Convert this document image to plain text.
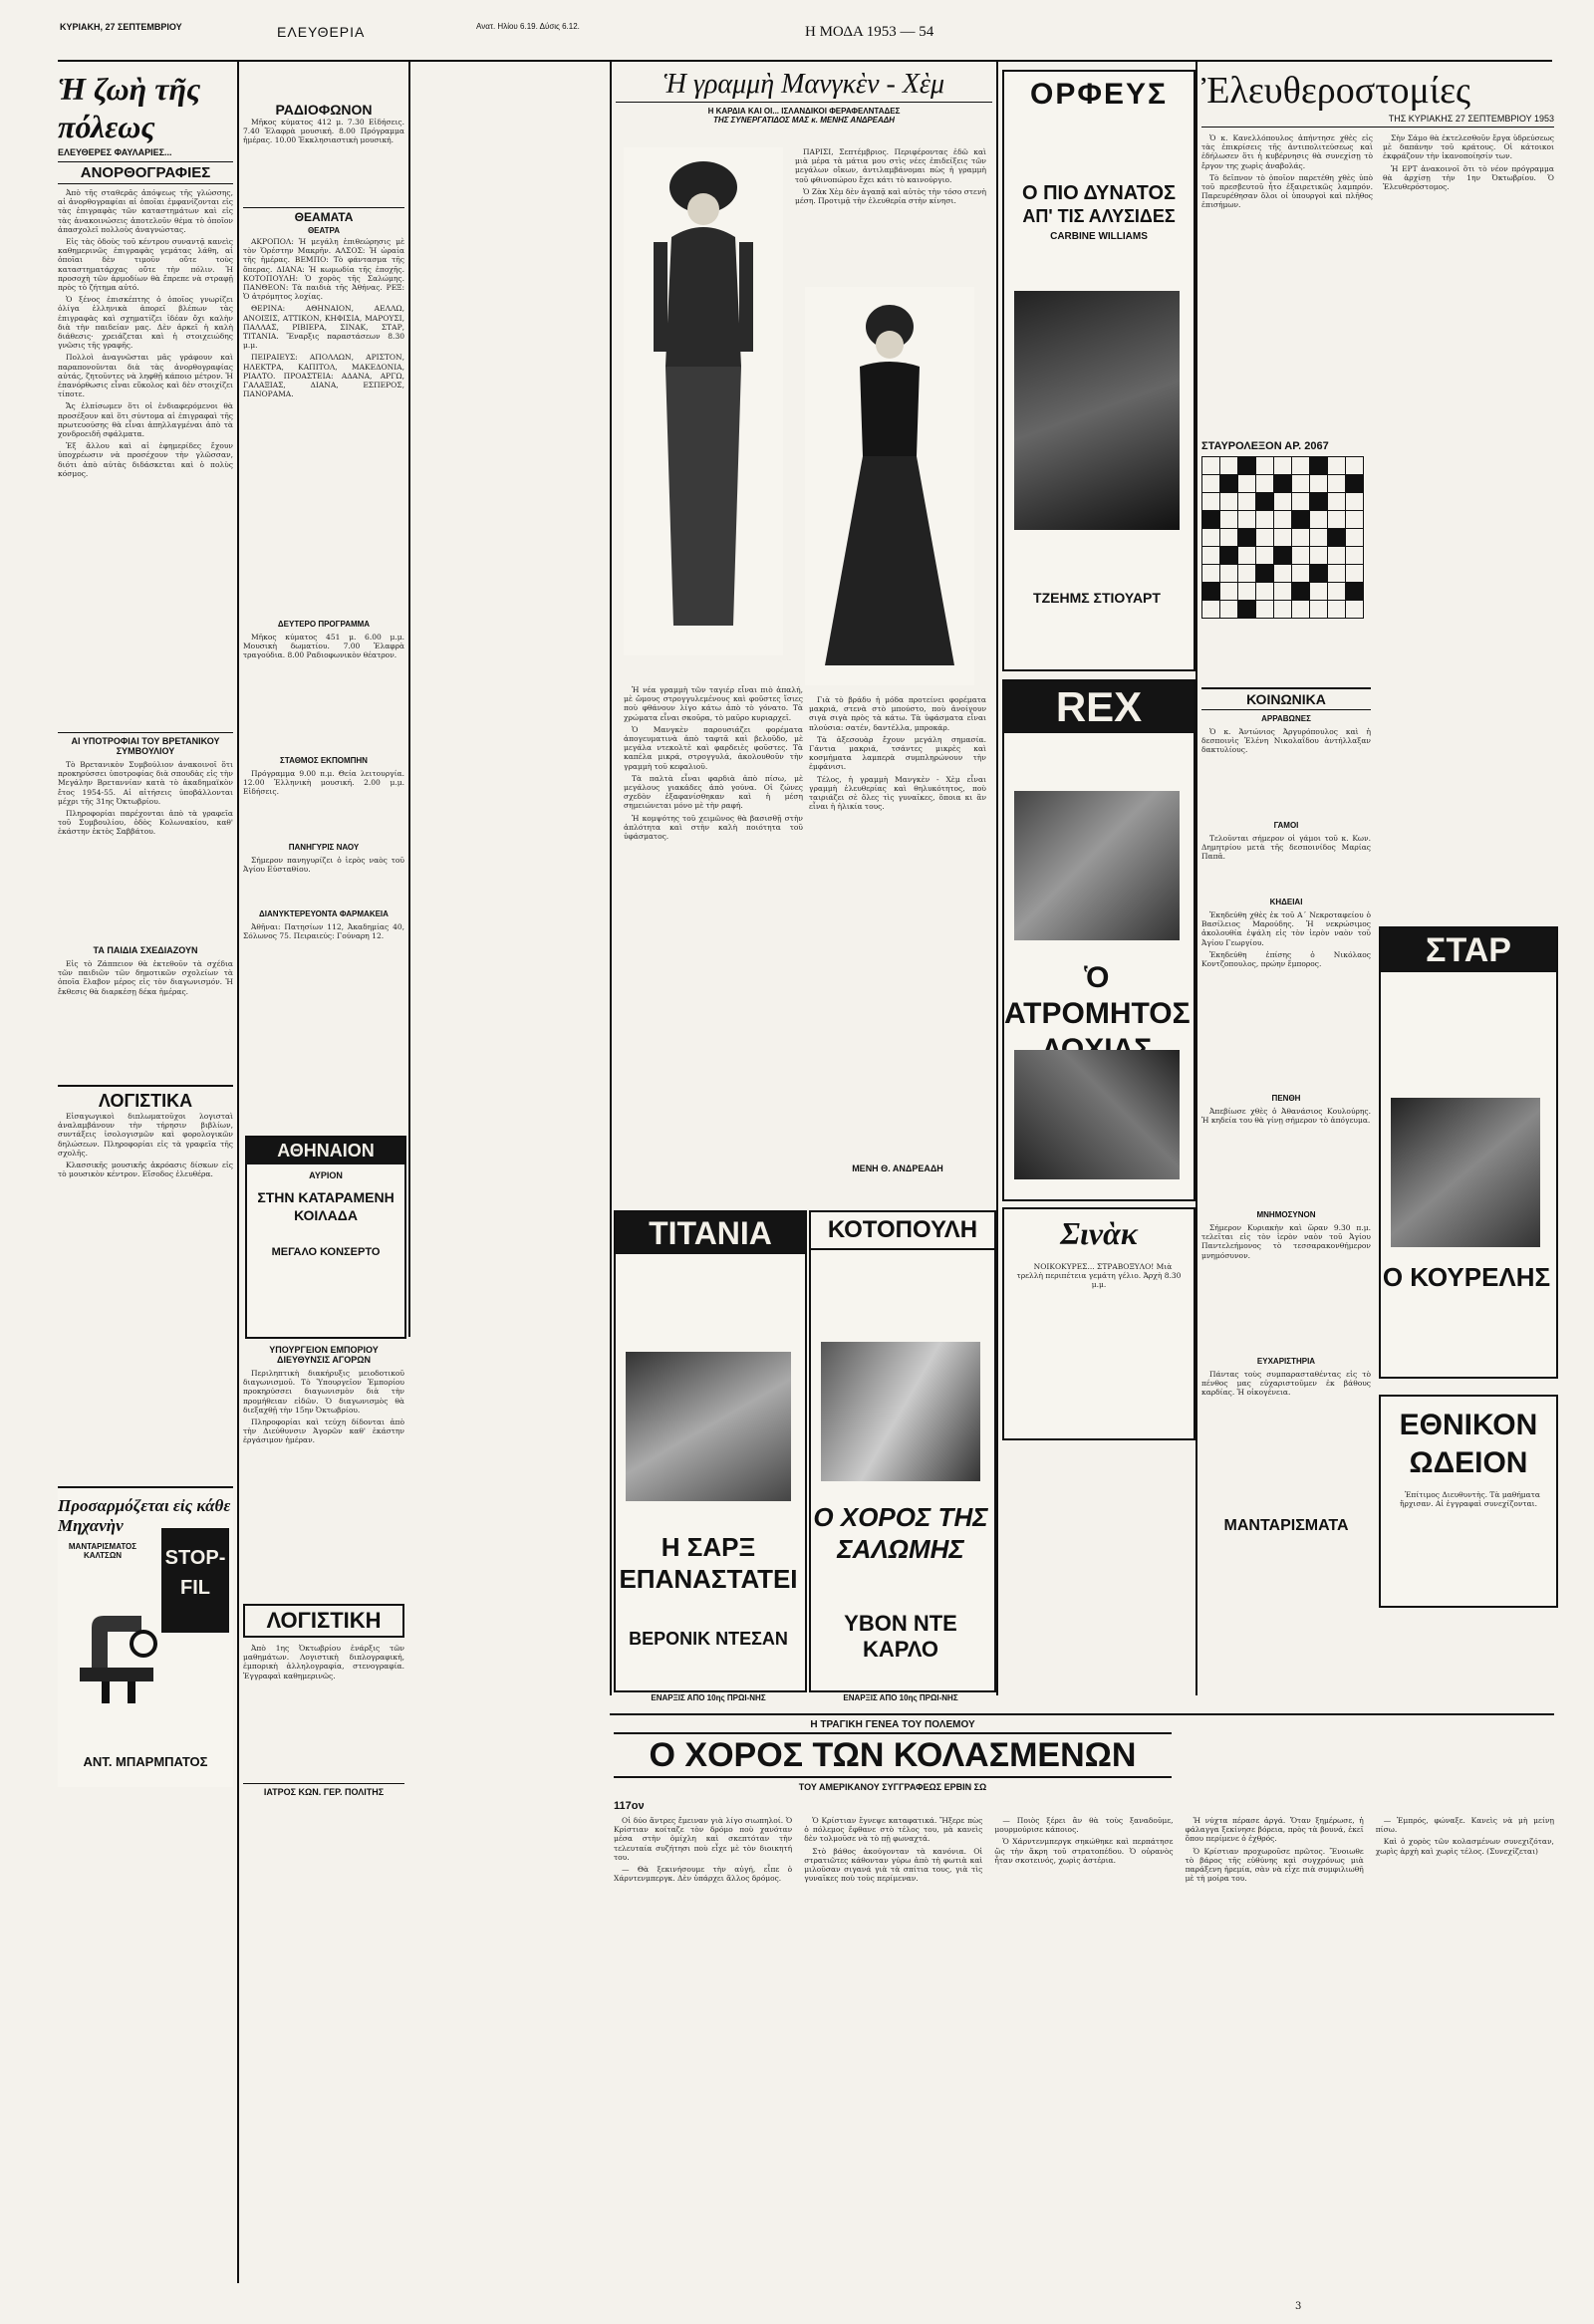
ΚΥΡΙΑΚΗ, 27 ΣΕΠΤΕΜΒΡΙΟΥ	ΕΛΕΥΘΕΡΙΑ	Ανατ. Ηλίου 6.19. Δύσις 6.12.	Η ΜΟΔΑ 1953 — 54
Ἡ ζωὴ τῆς πόλεως
ΕΛΕΥΘΕΡΕΣ ΦΑΥΛΑΡΙΕΣ...
ΑΝΟΡΘΟΓΡΑΦΙΕΣ

Ἀπὸ τῆς σταθερᾶς ἀπόψεως τῆς γλώσσης, αἱ ἀνορθογραφίαι αἱ ὁποῖαι ἐμφανίζονται εἰς τὰς ἐπιγραφὰς τῶν καταστημάτων καὶ εἰς τὰς ἀνακοινώσεις ἀποτελοῦν θέμα τὸ ὁποῖον ἀπασχολεῖ πολλοὺς ἀναγνώστας.

Εἰς τὰς ὁδοὺς τοῦ κέντρου συναντᾷ κανεὶς καθημερινῶς ἐπιγραφὰς γεμάτας λάθη, αἱ ὁποῖαι δὲν τιμοῦν οὔτε τοὺς καταστηματάρχας οὔτε τὴν πόλιν. Ἡ προσοχὴ τῶν ἁρμοδίων θὰ ἔπρεπε νὰ στραφῇ πρὸς τὸ ζήτημα αὐτό.

Ὁ ξένος ἐπισκέπτης ὁ ὁποῖος γνωρίζει ὀλίγα ἑλληνικὰ ἀπορεῖ βλέπων τὰς ἐπιγραφὰς καὶ σχηματίζει ἰδέαν ὄχι καλὴν διὰ τὴν παιδείαν μας. Δὲν ἀρκεῖ ἡ καλὴ διάθεσις· χρειάζεται καὶ ἡ στοιχειώδης γνῶσις τῆς γραφῆς.

Πολλοὶ ἀναγνῶσται μᾶς γράφουν καὶ παραπονοῦνται διὰ τὰς ἀνορθογραφίας αὐτάς, ζητοῦντες νὰ ληφθῇ κάποιο μέτρον. Ἡ ἐπανόρθωσις εἶναι εὔκολος καὶ δὲν στοιχίζει τίποτε.

Ἄς ἐλπίσωμεν ὅτι οἱ ἐνδιαφερόμενοι θὰ προσέξουν καὶ ὅτι σύντομα αἱ ἐπιγραφαὶ τῆς πρωτευούσης θὰ εἶναι ἀπηλλαγμέναι ἀπὸ τὰ χονδροειδῆ σφάλματα.

Ἐξ ἄλλου καὶ αἱ ἐφημερίδες ἔχουν ὑποχρέωσιν νὰ προσέχουν τὴν γλῶσσαν, διότι ἀπὸ αὐτὰς διδάσκεται καὶ ὁ πολὺς κόσμος.

ΑΙ ΥΠΟΤΡΟΦΙΑΙ ΤΟΥ ΒΡΕΤΑΝΙΚΟΥ ΣΥΜΒΟΥΛΙΟΥ

Τὸ Βρετανικὸν Συμβούλιον ἀνακοινοῖ ὅτι προκηρύσσει ὑποτροφίας διὰ σπουδὰς εἰς τὴν Μεγάλην Βρεταννίαν κατὰ τὸ ἀκαδημαϊκὸν ἔτος 1954-55. Αἱ αἰτήσεις ὑποβάλλονται μέχρι τῆς 31ης Ὀκτωβρίου.

Πληροφορίαι παρέχονται ἀπὸ τὰ γραφεῖα τοῦ Συμβουλίου, ὁδὸς Κολωνακίου, καθ' ἑκάστην ἐκτὸς Σαββάτου.

ΤΑ ΠΑΙΔΙΑ ΣΧΕΔΙΑΖΟΥΝ

Εἰς τὸ Ζάππειον θὰ ἐκτεθοῦν τὰ σχέδια τῶν παιδιῶν τῶν δημοτικῶν σχολείων τὰ ὁποῖα ἔλαβον μέρος εἰς τὸν διαγωνισμόν. Ἡ ἔκθεσις θὰ διαρκέσῃ δέκα ἡμέρας.

ΛΟΓΙΣΤΙΚΑ

Εἰσαγωγικοὶ διπλωματοῦχοι λογισταὶ ἀναλαμβάνουν τὴν τήρησιν βιβλίων, συντάξεις ἰσολογισμῶν καὶ φορολογικῶν δηλώσεων. Πληροφορίαι εἰς τὰ γραφεῖα τῆς σχολῆς.

Κλασσικῆς μουσικῆς ἀκρόασις δίσκων εἰς τὸ μουσικὸν κέντρον. Εἴσοδος ἐλευθέρα.

Προσαρμόζεται εἰς κάθε Μηχανὴν
ΜΑΝΤΑΡΙΣΜΑΤΟΣ ΚΑΛΤΣΩΝ	STOP-FIL
ΑΝΤ. ΜΠΑΡΜΠΑΤΟΣ
ΡΑΔΙΟΦΩΝΟΝ

Μῆκος κύματος 412 μ. 7.30 Εἰδήσεις. 7.40 Ἐλαφρὰ μουσική. 8.00 Πρόγραμμα ἡμέρας. 10.00 Ἐκκλησιαστικὴ μουσική.

ΘΕΑΜΑΤΑ
ΘΕΑΤΡΑ

ΑΚΡΟΠΟΛ: Ἡ μεγάλη ἐπιθεώρησις μὲ τὸν Ὁρέστην Μακρῆν. ΑΛΣΟΣ: Ἡ ὡραία τῆς ἡμέρας. ΒΕΜΠΟ: Τὸ φάντασμα τῆς ὄπερας. ΔΙΑΝΑ: Ἡ κωμωδία τῆς ἐποχῆς. ΚΟΤΟΠΟΥΛΗ: Ὁ χορὸς τῆς Σαλώμης. ΠΑΝΘΕΟΝ: Τὰ παιδιὰ τῆς Ἀθήνας. ΡΕΞ: Ὁ ἀτρόμητος λοχίας.

ΘΕΡΙΝΑ: ΑΘΗΝΑΙΟΝ, ΑΕΛΛΩ, ΑΝΟΙΞΙΣ, ΑΤΤΙΚΟΝ, ΚΗΦΙΣΙΑ, ΜΑΡΟΥΣΙ, ΠΑΛΛΑΣ, ΡΙΒΙΕΡΑ, ΣΙΝΑΚ, ΣΤΑΡ, ΤΙΤΑΝΙΑ. Ἔναρξις παραστάσεων 8.30 μ.μ.

ΠΕΙΡΑΙΕΥΣ: ΑΠΟΛΛΩΝ, ΑΡΙΣΤΟΝ, ΗΛΕΚΤΡΑ, ΚΑΠΙΤΟΛ, ΜΑΚΕΔΟΝΙΑ, ΡΙΑΛΤΟ. ΠΡΟΑΣΤΕΙΑ: ΑΔΑΝΑ, ΑΡΓΩ, ΓΑΛΑΞΙΑΣ, ΔΙΑΝΑ, ΕΣΠΕΡΟΣ, ΠΑΝΟΡΑΜΑ.

ΔΕΥΤΕΡΟ ΠΡΟΓΡΑΜΜΑ

Μῆκος κύματος 451 μ. 6.00 μ.μ. Μουσικὴ δωματίου. 7.00 Ἐλαφρὰ τραγούδια. 8.00 Ραδιοφωνικὸν θέατρον.

ΣΤΑΘΜΟΣ ΕΚΠΟΜΠΗΝ

Πρόγραμμα 9.00 π.μ. Θεία λειτουργία. 12.00 Ἐλληνικὴ μουσική. 2.00 μ.μ. Εἰδήσεις.

ΠΑΝΗΓΥΡΙΣ ΝΑΟΥ

Σήμερον πανηγυρίζει ὁ ἱερὸς ναὸς τοῦ Ἁγίου Εὐσταθίου.

ΔΙΑΝΥΚΤΕΡΕΥΟΝΤΑ ΦΑΡΜΑΚΕΙΑ

Ἀθῆναι: Πατησίων 112, Ἀκαδημίας 40, Σόλωνος 75. Πειραιεύς: Γούναρη 12.

ΑΘΗΝΑΙΟΝ
ΑΥΡΙΟΝ
ΣΤΗΝ ΚΑΤΑΡΑΜΕΝΗ ΚΟΙΛΑΔΑ
ΜΕΓΑΛΟ ΚΟΝΣΕΡΤΟ
ΥΠΟΥΡΓΕΙΟΝ ΕΜΠΟΡΙΟΥ ΔΙΕΥΘΥΝΣΙΣ ΑΓΟΡΩΝ

Περιληπτικὴ διακήρυξις μειοδοτικοῦ διαγωνισμοῦ. Τὸ Ὑπουργεῖον Ἐμπορίου προκηρύσσει διαγωνισμὸν διὰ τὴν προμήθειαν εἰδῶν. Ὁ διαγωνισμὸς θὰ διεξαχθῇ τὴν 15ην Ὀκτωβρίου.

Πληροφορίαι καὶ τεύχη δίδονται ἀπὸ τὴν Διεύθυνσιν Ἀγορῶν καθ' ἑκάστην ἐργάσιμον ἡμέραν.

ΛΟΓΙΣΤΙΚΗ

Ἀπὸ 1ης Ὀκτωβρίου ἐνάρξις τῶν μαθημάτων. Λογιστικὴ διπλογραφική, ἐμπορικὴ ἀλληλογραφία, στενογραφία. Ἐγγραφαὶ καθημερινῶς.

ΙΑΤΡΟΣ ΚΩΝ. ΓΕΡ. ΠΟΛΙΤΗΣ
Ἡ γραμμὴ Μανγκὲν - Χὲμ
Η ΚΑΡΔΙΑ ΚΑΙ ΟΙ... ΙΣΛΑΝΔΙΚΟΙ ΦΕΡΑΦΕΛΝΤΑΔΕΣ
ΤΗΣ ΣΥΝΕΡΓΑΤΙΔΟΣ ΜΑΣ κ. ΜΕΝΗΣ ΑΝΔΡΕΑΔΗ

ΠΑΡΙΣΙ, Σεπτέμβριος. Περιφέροντας ἐδῶ καὶ μιὰ μέρα τὰ μάτια μου στὶς νέες ἐπιδείξεις τῶν μεγάλων οἴκων, ἀντιλαμβάνομαι πὼς ἡ γραμμὴ τοῦ φθινοπώρου ἔχει κάτι τὸ καινούργιο.

Ὁ Ζὰκ Χὲμ δὲν ἀγαπᾷ καὶ αὐτὸς τὴν τόσο στενὴ μέση. Προτιμᾷ τὴν ἐλευθερία στὴν κίνησι.

Ἡ νέα γραμμὴ τῶν ταγιέρ εἶναι πιὸ ἁπαλή, μὲ ὤμους στρογγυλεμένους καὶ φοῦστες ἴσιες ποὺ φθάνουν λίγο κάτω ἀπὸ τὸ γόνατο. Τὰ χρώματα εἶναι σκοῦρα, τὸ μαῦρο κυριαρχεῖ.

Ὁ Μανγκὲν παρουσιάζει φορέματα ἀπογευματινὰ ἀπὸ ταφτᾶ καὶ βελοῦδο, μὲ μεγάλα ντεκολτὲ καὶ φαρδειὲς φοῦστες. Τὰ καπέλα μικρά, στρογγυλά, ἀκολουθοῦν τὴν γραμμὴ τοῦ κεφαλιοῦ.

Τὰ παλτὰ εἶναι φαρδιὰ ἀπὸ πίσω, μὲ μεγάλους γιακάδες ἀπὸ γούνα. Οἱ ζώνες σχεδὸν ἐξαφανίσθηκαν καὶ ἡ μέση σημειώνεται μόνο μὲ τὴν ραφή.

Ἡ κομψότης τοῦ χειμῶνος θὰ βασισθῇ στὴν ἁπλότητα καὶ στὴν καλὴ ποιότητα τοῦ ὑφάσματος.

Γιὰ τὸ βράδυ ἡ μόδα προτείνει φορέματα μακριά, στενὰ στὸ μπούστο, ποὺ ἀνοίγουν σιγὰ σιγὰ πρὸς τὰ κάτω. Τὰ ὑφάσματα εἶναι πλούσια: σατέν, δαντέλλα, μπροκάρ.

Τὰ ἀξεσουὰρ ἔχουν μεγάλη σημασία. Γάντια μακριά, τσάντες μικρὲς καὶ κοσμήματα λαμπερὰ συμπληρώνουν τὴν ἐμφάνισι.

Τέλος, ἡ γραμμὴ Μανγκὲν - Χὲμ εἶναι γραμμὴ ἐλευθερίας καὶ θηλυκότητος, ποὺ ταιριάζει σὲ ὅλες τὶς γυναῖκες, ὅποια κι ἂν εἶναι ἡ ἡλικία τους.

ΜΕΝΗ Θ. ΑΝΔΡΕΑΔΗ
ΟΡΦΕΥΣ
Ο ΠΙΟ ΔΥΝΑΤΟΣ
ΑΠ' ΤΙΣ ΑΛΥΣΙΔΕΣ
CARBINE WILLIAMS
ΤΖΕΗΜΣ ΣΤΙΟΥΑΡΤ
REX
Ὁ ΑΤΡΟΜΗΤΟΣ
ΤΙΤΑΝΙΑ
Η ΣΑΡΞ ΕΠΑΝΑΣΤΑΤΕΙ
ΒΕΡΟΝΙΚ ΝΤΕΣΑΝ
ΚΟΤΟΠΟΥΛΗ
Ο ΧΟΡΟΣ ΤΗΣ ΣΑΛΩΜΗΣ
ΥΒΟΝ ΝΤΕ ΚΑΡΛΟ
ΕΝΑΡΞΙΣ ΑΠΟ 10ης ΠΡΩΙ-ΝΗΣ	ΕΝΑΡΞΙΣ ΑΠΟ 10ης ΠΡΩΙ-ΝΗΣ
Σινὰκ

ΝΟΙΚΟΚΥΡΕΣ... ΣΤΡΑΒΟΞΥΛΟ! Μιὰ τρελλὴ περιπέτεια γεμάτη γέλιο. Ἀρχὴ 8.30 μ.μ.

Ἐλευθεροστομίες
ΤΗΣ ΚΥΡΙΑΚΗΣ 27 ΣΕΠΤΕΜΒΡΙΟΥ 1953

Ὁ κ. Κανελλόπουλος ἀπήντησε χθὲς εἰς τὰς ἐπικρίσεις τῆς ἀντιπολιτεύσεως καὶ ἐδήλωσεν ὅτι ἡ κυβέρνησις θὰ συνεχίσῃ τὸ ἔργον της χωρὶς ἀναβολάς.

Τὸ δεῖπνον τὸ ὁποῖον παρετέθη χθὲς ὑπὸ τοῦ πρεσβευτοῦ ἦτο ἐξαιρετικῶς λαμπρόν. Παρευρέθησαν ὅλοι οἱ ὑπουργοὶ καὶ πλῆθος ἐπισήμων.

Σὴν Σάμο θὰ ἐκτελεσθοῦν ἔργα ὑδρεύσεως μὲ δαπάνην τοῦ κράτους. Οἱ κάτοικοι ἐκφράζουν τὴν ἱκανοποίησίν των.

Ἡ ΕΡΤ ἀνακοινοῖ ὅτι τὸ νέον πρόγραμμα θὰ ἀρχίσῃ τὴν 1ην Ὀκτωβρίου. Ὁ Ἐλευθερόστομος.

ΣΤΑΥΡΟΛΕΞΟΝ ΑΡ. 2067

ΚΟΙΝΩΝΙΚΑ
ΑΡΡΑΒΩΝΕΣ

Ὁ κ. Ἀντώνιος Ἀργυρόπουλος καὶ ἡ δεσποινὶς Ἑλένη Νικολαΐδου ἀντήλλαξαν δακτυλίους.

ΓΑΜΟΙ

Τελοῦνται σήμερον οἱ γάμοι τοῦ κ. Κων. Δημητρίου μετὰ τῆς δεσποινίδος Μαρίας Παπᾶ.

ΚΗΔΕΙΑΙ

Ἐκηδεύθη χθὲς ἐκ τοῦ Α΄ Νεκροταφείου ὁ Βασίλειος Μαρούδης. Ἡ νεκρώσιμος ἀκολουθία ἐψάλη εἰς τὸν ἱερὸν ναὸν τοῦ Ἁγίου Γεωργίου.

Ἐκηδεύθη ἐπίσης ὁ Νικόλαος Κοντζοπουλος, πρώην ἔμπορος.

ΠΕΝΘΗ

Ἀπεβίωσε χθὲς ὁ Ἀθανάσιος Κουλούρης. Ἡ κηδεία του θὰ γίνῃ σήμερον τὸ ἀπόγευμα.

ΜΝΗΜΟΣΥΝΟΝ

Σήμερον Κυριακὴν καὶ ὥραν 9.30 π.μ. τελεῖται εἰς τὸν ἱερὸν ναὸν τοῦ Ἁγίου Παντελεήμονος τὸ τεσσαρακονθήμερον μνημόσυνον.

ΕΥΧΑΡΙΣΤΗΡΙΑ

Πάντας τοὺς συμπαρασταθέντας εἰς τὸ πένθος μας εὐχαριστοῦμεν ἐκ βάθους καρδίας. Ἡ οἰκογένεια.

ΜΑΝΤΑΡΙΣΜΑΤΑ
ΣΤΑΡ
Ο ΚΟΥΡΕΛΗΣ
ΕΘΝΙΚΟΝ ΩΔΕΙΟΝ

Ἐπίτιμος Διευθυντὴς. Τὰ μαθήματα ἤρχισαν. Αἱ ἐγγραφαὶ συνεχίζονται.

Η ΤΡΑΓΙΚΗ ΓΕΝΕΑ ΤΟΥ ΠΟΛΕΜΟΥ
Ο ΧΟΡΟΣ ΤΩΝ ΚΟΛΑΣΜΕΝΩΝ
ΤΟΥ ΑΜΕΡΙΚΑΝΟΥ ΣΥΓΓΡΑΦΕΩΣ ΕΡΒΙΝ ΣΩ
117ον

Οἱ δύο ἄντρες ἔμειναν γιὰ λίγο σιωπηλοί. Ὁ Κρίστιαν κοίταζε τὸν δρόμο ποὺ χανόταν μέσα στὴν ὁμίχλη καὶ σκεπτόταν τὴν τελευταία συζήτησι ποὺ εἶχε μὲ τὸν διοικητή του.

— Θὰ ξεκινήσουμε τὴν αὐγή, εἶπε ὁ Χάρντενμπεργκ. Δὲν ὑπάρχει ἄλλος δρόμος.

Ὁ Κρίστιαν ἔγνεψε καταφατικά. Ἤξερε πὼς ὁ πόλεμος ἔφθανε στὸ τέλος του, μὰ κανεὶς δὲν τολμοῦσε νὰ τὸ πῇ φωναχτά.

Στὸ βάθος ἀκούγονταν τὰ κανόνια. Οἱ στρατιῶτες κάθονταν γύρω ἀπὸ τὴ φωτιὰ καὶ μιλοῦσαν σιγανά γιὰ τὰ σπίτια τους, γιὰ τὶς γυναῖκες ποὺ τοὺς περίμεναν.

— Ποιὸς ξέρει ἂν θὰ τοὺς ξαναδοῦμε, μουρμούρισε κάποιος.

Ὁ Χάρντενμπεργκ σηκώθηκε καὶ περπάτησε ὣς τὴν ἄκρη τοῦ στρατοπέδου. Ὁ οὐρανὸς ἦταν σκοτεινός, χωρὶς ἀστέρια.

Ἡ νύχτα πέρασε ἀργά. Ὅταν ξημέρωσε, ἡ φάλαγγα ξεκίνησε βόρεια, πρὸς τὰ βουνά, ἐκεῖ ὅπου περίμενε ὁ ἐχθρός.

Ὁ Κρίστιαν προχωροῦσε πρῶτος. Ἔνοιωθε τὸ βάρος τῆς εὐθύνης καὶ συγχρόνως μιὰ παράξενη ἠρεμία, σὰν νὰ εἶχε πιὰ συμφιλιωθῆ μὲ τὴ μοίρα του.

— Ἐμπρός, φώναξε. Κανεὶς νὰ μὴ μείνῃ πίσω.

Καὶ ὁ χορὸς τῶν κολασμένων συνεχιζόταν, χωρὶς ἀρχὴ καὶ χωρὶς τέλος. (Συνεχίζεται)

3
